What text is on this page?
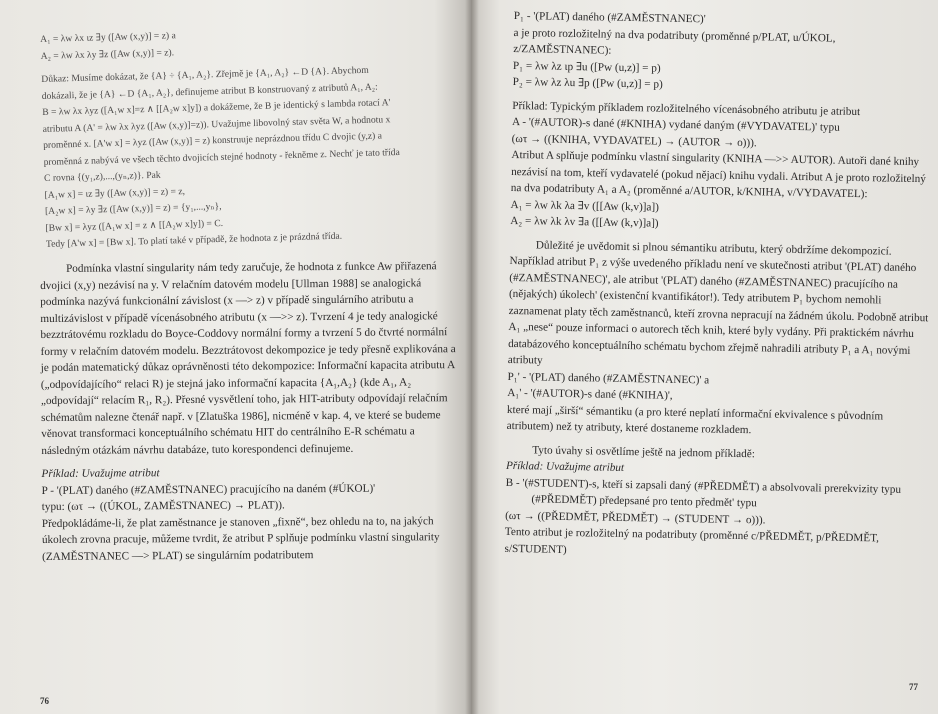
A₁ = λw λx ιz ∃y ([Aw (x,y)] = z) a
A₂ = λw λx λy ∃z ([Aw (x,y)] = z).
Důkaz: Musíme dokázat, že {A} ÷ {A₁, A₂}. Zřejmě je {A₁, A₂} ←D {A}. Abychom
dokázali, že je {A} ←D {A₁, A₂}, definujeme atribut B konstruovaný z atributů A₁, A₂:
B = λw λx λyz ([A₁w x]=z ∧ [[A₂w x]y]) a dokážeme, že B je identický s lambda rotací A'
atributu A (A' = λw λx λyz ([Aw (x,y)]=z)). Uvažujme libovolný stav světa W, a hodnotu x
proměnné x. [A'w x] = λyz ([Aw (x,y)] = z) konstruuje neprázdnou třídu C dvojic (y,z) a
proměnná z nabývá ve všech těchto dvojicích stejné hodnoty - řekněme z. Nechť je tato třída
C rovna {(y₁,z),...,(yₙ,z)}. Pak
[A₁w x] = ιz ∃y ([Aw (x,y)] = z) = z,
[A₂w x] = λy ∃z ([Aw (x,y)] = z) = {y₁,...,yₙ},
[Bw x] = λyz ([A₁w x] = z ∧ [[A₂w x]y]) = C.
Tedy [A'w x] = [Bw x]. To platí také v případě, že hodnota z je prázdná třída.
Podmínka vlastní singularity nám tedy zaručuje, že hodnota z funkce Aw přiřazená
dvojici (x,y) nezávisí na y. V relačním datovém modelu [Ullman 1988] se analogická
podmínka nazývá funkcionální závislost (x —> z) v případě singulárního atributu a
multizávislost v případě vícenásobného atributu (x —>> z). Tvrzení 4 je tedy analogické
bezztrátovému rozkladu do Boyce-Coddovy normální formy a tvrzení 5 do čtvrté normální
formy v relačním datovém modelu. Bezztrátovost dekompozice je tedy přesně explikována a
je podán matematický důkaz oprávněnosti této dekompozice: Informační kapacita atributu A
(„odpovídajícího“ relaci R) je stejná jako informační kapacita {A₁,A₂} (kde A₁, A₂
„odpovídají“ relacím R₁, R₂). Přesné vysvětlení toho, jak HIT-atributy odpovídají relačním
schématům nalezne čtenář např. v [Zlatuška 1986], nicméně v kap. 4, ve které se budeme
věnovat transformaci konceptuálního schématu HIT do centrálního E-R schématu a
následným otázkám návrhu databáze, tuto korespondenci definujeme.
Příklad: Uvažujme atribut
P - '(PLAT) daného (#ZAMĚSTNANEC) pracujícího na daném (#ÚKOL)'
typu: (ωτ → ((ÚKOL, ZAMĚSTNANEC) → PLAT)).
Předpokládáme-li, že plat zaměstnance je stanoven „fixně“, bez ohledu na to, na jakých
úkolech zrovna pracuje, můžeme tvrdit, že atribut P splňuje podmínku vlastní singularity
(ZAMĚSTNANEC —> PLAT) se singulárním podatributem
76
P₁ - '(PLAT) daného (#ZAMĚSTNANEC)'
a je proto rozložitelný na dva podatributy (proměnné p/PLAT, u/ÚKOL,
z/ZAMĚSTNANEC):
P₁ = λw λz ιp ∃u ([Pw (u,z)] = p)
P₂ = λw λz λu ∃p ([Pw (u,z)] = p)
Příklad: Typickým příkladem rozložitelného vícenásobného atributu je atribut
A - '(#AUTOR)-s dané (#KNIHA) vydané daným (#VYDAVATEL)' typu
(ωτ → ((KNIHA, VYDAVATEL) → (AUTOR → o))).
Atribut A splňuje podmínku vlastní singularity (KNIHA —>> AUTOR). Autoři dané knihy
nezávisí na tom, kteří vydavatelé (pokud nějací) knihu vydali. Atribut A je proto rozložitelný
na dva podatributy A₁ a A₂ (proměnné a/AUTOR, k/KNIHA, v/VYDAVATEL):
A₁ = λw λk λa ∃v ([[Aw (k,v)]a])
A₂ = λw λk λv ∃a ([[Aw (k,v)]a])
Důležité je uvědomit si plnou sémantiku atributu, který obdržíme dekompozicí.
Například atribut P₁ z výše uvedeného příkladu není ve skutečnosti atribut '(PLAT) daného
(#ZAMĚSTNANEC)', ale atribut '(PLAT) daného (#ZAMĚSTNANEC) pracujícího na
(nějakých) úkolech' (existenční kvantifikátor!). Tedy atributem P₁ bychom nemohli
zaznamenat platy těch zaměstnanců, kteří zrovna nepracují na žádném úkolu. Podobně atribut
A₁ „nese“ pouze informaci o autorech těch knih, které byly vydány. Při praktickém návrhu
databázového konceptuálního schématu bychom zřejmě nahradili atributy P₁ a A₁ novými
atributy
P₁' - '(PLAT) daného (#ZAMĚSTNANEC)' a
A₁' - '(#AUTOR)-s dané (#KNIHA)',
které mají „širší“ sémantiku (a pro které neplatí informační ekvivalence s původním
atributem) než ty atributy, které dostaneme rozkladem.
Tyto úvahy si osvětlíme ještě na jednom příkladě:
Příklad: Uvažujme atribut
B - '(#STUDENT)-s, kteří si zapsali daný (#PŘEDMĚT) a absolvovali prerekvizity typu
(#PŘEDMĚT) předepsané pro tento předmět' typu
(ωτ → ((PŘEDMĚT, PŘEDMĚT) → (STUDENT → o))).
Tento atribut je rozložitelný na podatributy (proměnné c/PŘEDMĚT, p/PŘEDMĚT,
s/STUDENT)
77
